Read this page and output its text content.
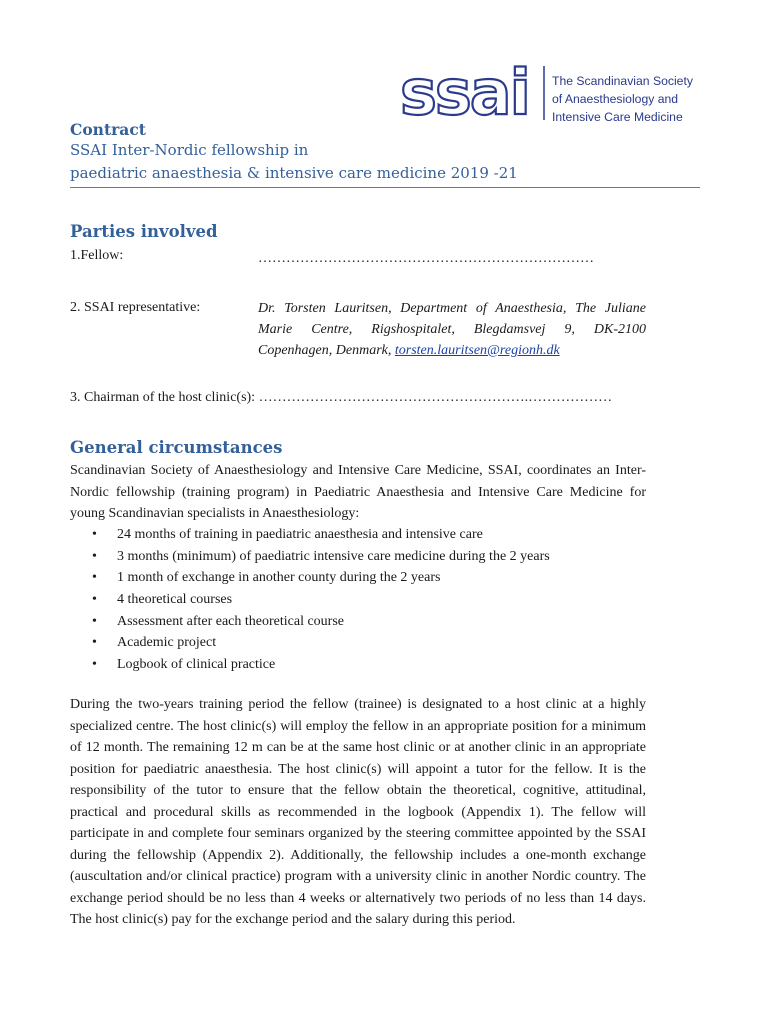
ssai The Scandinavian Society
of Anaesthesiology and
Intensive Care Medicine
Contract
SSAI Inter-Nordic fellowship in
paediatric anaesthesia & intensive care medicine 2019 -21
Parties involved
1.Fellow:	………………………………………………………………
2. SSAI representative:	Dr. Torsten Lauritsen, Department of Anaesthesia, The Juliane Marie Centre, Rigshospitalet, Blegdamsvej 9, DK-2100 Copenhagen, Denmark, torsten.lauritsen@regionh.dk
3. Chairman of the host clinic(s): ………………………………………………….………………
General circumstances
Scandinavian Society of Anaesthesiology and Intensive Care Medicine, SSAI, coordinates an Inter-Nordic fellowship (training program) in Paediatric Anaesthesia and Intensive Care Medicine for young Scandinavian specialists in Anaesthesiology:
• 24 months of training in paediatric anaesthesia and intensive care
• 3 months (minimum) of paediatric intensive care medicine during the 2 years
• 1 month of exchange in another county during the 2 years
• 4 theoretical courses
• Assessment after each theoretical course
• Academic project
• Logbook of clinical practice
During the two-years training period the fellow (trainee) is designated to a host clinic at a highly specialized centre. The host clinic(s) will employ the fellow in an appropriate position for a minimum of 12 month. The remaining 12 m can be at the same host clinic or at another clinic in an appropriate position for paediatric anaesthesia. The host clinic(s) will appoint a tutor for the fellow. It is the responsibility of the tutor to ensure that the fellow obtain the theoretical, cognitive, attitudinal, practical and procedural skills as recommended in the logbook (Appendix 1). The fellow will participate in and complete four seminars organized by the steering committee appointed by the SSAI during the fellowship (Appendix 2). Additionally, the fellowship includes a one-month exchange (auscultation and/or clinical practice) program with a university clinic in another Nordic country. The exchange period should be no less than 4 weeks or alternatively two periods of no less than 14 days. The host clinic(s) pay for the exchange period and the salary during this period.
